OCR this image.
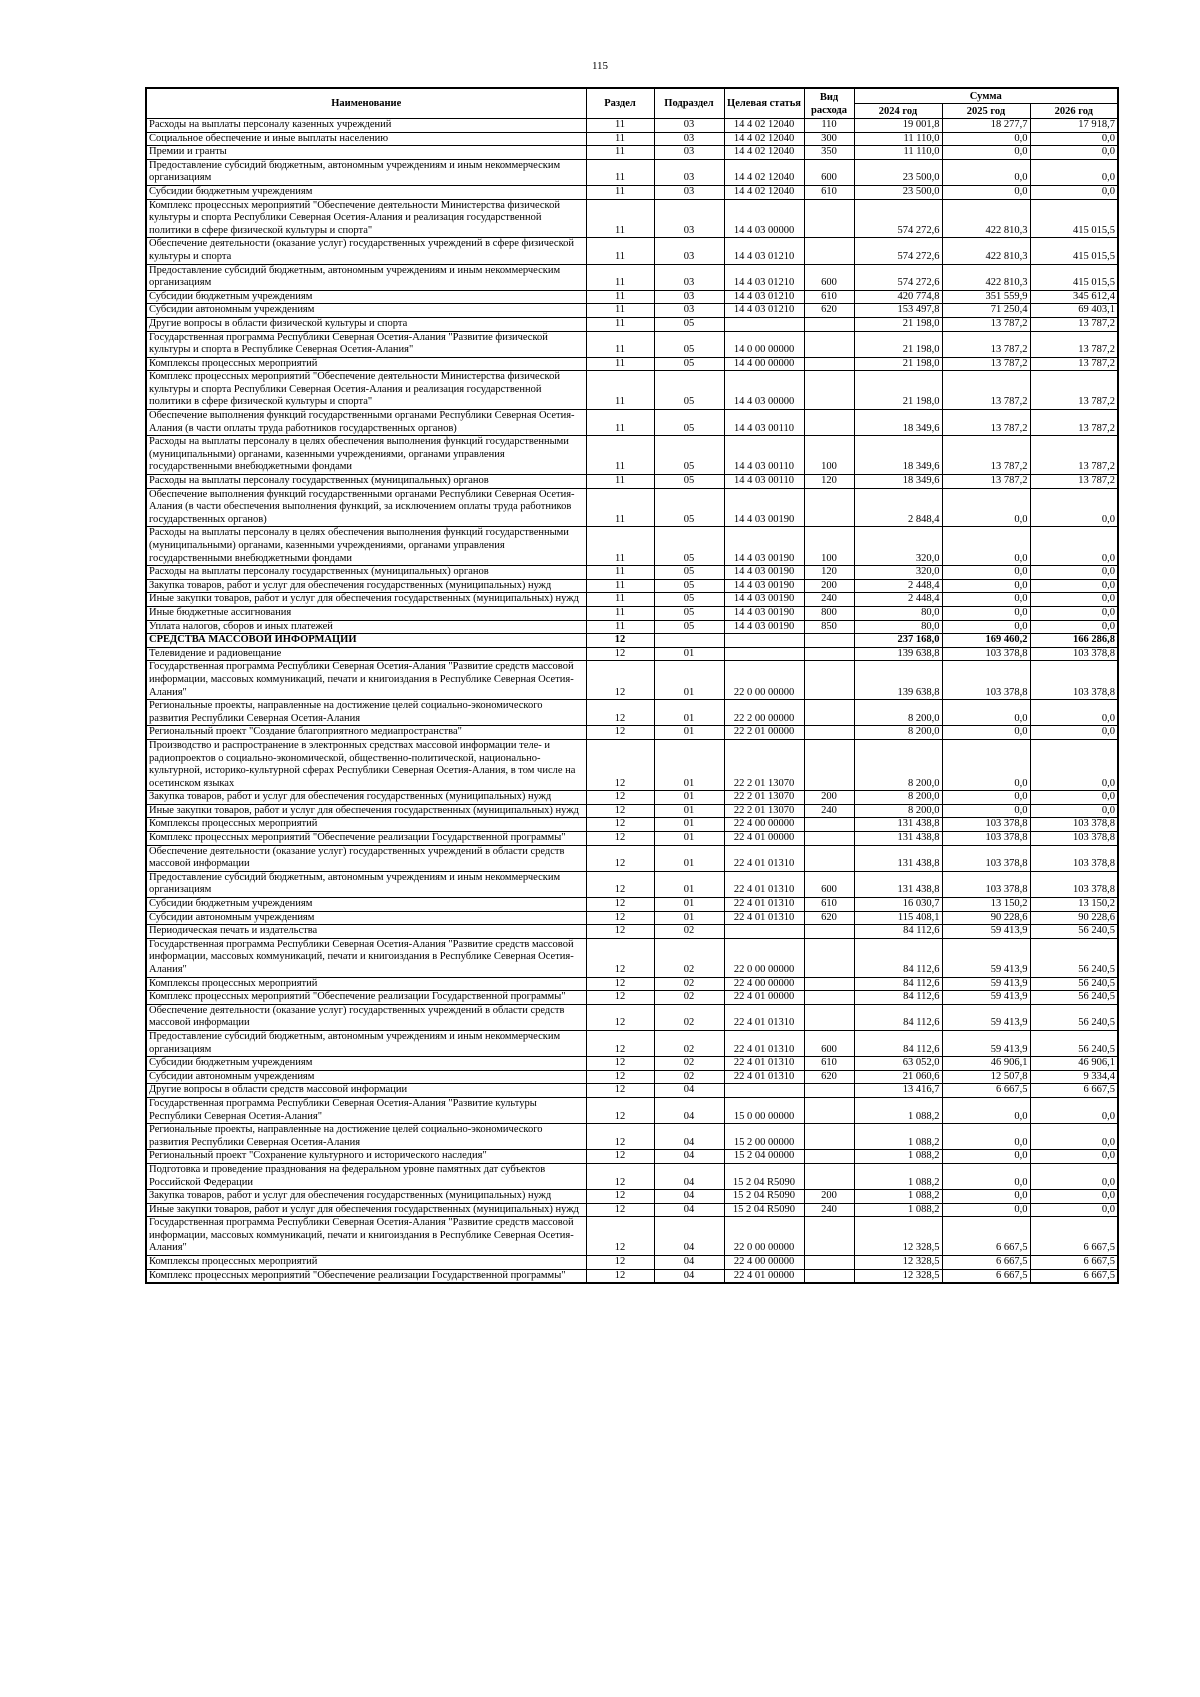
115
Наименование	Раздел	Подраздел	Целевая статья	Вид расхода	Сумма		
					2024 год	2025 год	2026 год
Расходы на выплаты персоналу казенных учреждений	11	03	14 4 02 12040	110	19 001,8	18 277,7	17 918,7
Социальное обеспечение и иные выплаты населению	11	03	14 4 02 12040	300	11 110,0	0,0	0,0
Премии и гранты	11	03	14 4 02 12040	350	11 110,0	0,0	0,0
Предоставление субсидий бюджетным, автономным учреждениям и иным некоммерческим организациям	11	03	14 4 02 12040	600	23 500,0	0,0	0,0
Субсидии бюджетным учреждениям	11	03	14 4 02 12040	610	23 500,0	0,0	0,0
Комплекс процессных мероприятий "Обеспечение деятельности Министерства физической культуры и спорта Республики Северная Осетия-Алания и реализация государственной политики в сфере физической культуры и спорта"	11	03	14 4 03 00000		574 272,6	422 810,3	415 015,5
Обеспечение деятельности (оказание услуг) государственных учреждений в сфере физической культуры и спорта	11	03	14 4 03 01210		574 272,6	422 810,3	415 015,5
Предоставление субсидий бюджетным, автономным учреждениям и иным некоммерческим организациям	11	03	14 4 03 01210	600	574 272,6	422 810,3	415 015,5
Субсидии бюджетным учреждениям	11	03	14 4 03 01210	610	420 774,8	351 559,9	345 612,4
Субсидии автономным учреждениям	11	03	14 4 03 01210	620	153 497,8	71 250,4	69 403,1
Другие вопросы в области физической культуры и спорта	11	05			21 198,0	13 787,2	13 787,2
Государственная программа Республики Северная Осетия-Алания "Развитие физической культуры и спорта в Республике Северная Осетия-Алания"	11	05	14 0 00 00000		21 198,0	13 787,2	13 787,2
Комплексы процессных мероприятий	11	05	14 4 00 00000		21 198,0	13 787,2	13 787,2
Комплекс процессных мероприятий "Обеспечение деятельности Министерства физической культуры и спорта Республики Северная Осетия-Алания и реализация государственной политики в сфере физической культуры и спорта"	11	05	14 4 03 00000		21 198,0	13 787,2	13 787,2
Обеспечение выполнения функций государственными органами Республики Северная Осетия-Алания (в части оплаты труда работников государственных органов)	11	05	14 4 03 00110		18 349,6	13 787,2	13 787,2
Расходы на выплаты персоналу в целях обеспечения выполнения функций государственными (муниципальными) органами, казенными учреждениями, органами управления государственными внебюджетными фондами	11	05	14 4 03 00110	100	18 349,6	13 787,2	13 787,2
Расходы на выплаты персоналу государственных (муниципальных) органов	11	05	14 4 03 00110	120	18 349,6	13 787,2	13 787,2
Обеспечение выполнения функций государственными органами Республики Северная Осетия-Алания (в части обеспечения выполнения функций, за исключением оплаты труда работников государственных органов)	11	05	14 4 03 00190		2 848,4	0,0	0,0
Расходы на выплаты персоналу в целях обеспечения выполнения функций государственными (муниципальными) органами, казенными учреждениями, органами управления государственными внебюджетными фондами	11	05	14 4 03 00190	100	320,0	0,0	0,0
Расходы на выплаты персоналу государственных (муниципальных) органов	11	05	14 4 03 00190	120	320,0	0,0	0,0
Закупка товаров, работ и услуг для обеспечения государственных (муниципальных) нужд	11	05	14 4 03 00190	200	2 448,4	0,0	0,0
Иные закупки товаров, работ и услуг для обеспечения государственных (муниципальных) нужд	11	05	14 4 03 00190	240	2 448,4	0,0	0,0
Иные бюджетные ассигнования	11	05	14 4 03 00190	800	80,0	0,0	0,0
Уплата налогов, сборов и иных платежей	11	05	14 4 03 00190	850	80,0	0,0	0,0
СРЕДСТВА МАССОВОЙ ИНФОРМАЦИИ	12				237 168,0	169 460,2	166 286,8
Телевидение и радиовещание	12	01			139 638,8	103 378,8	103 378,8
Государственная программа Республики Северная Осетия-Алания "Развитие средств массовой информации, массовых коммуникаций, печати и книгоиздания в Республике Северная Осетия-Алания"	12	01	22 0 00 00000		139 638,8	103 378,8	103 378,8
Региональные проекты, направленные на достижение целей социально-экономического развития Республики Северная Осетия-Алания	12	01	22 2 00 00000		8 200,0	0,0	0,0
Региональный проект "Создание благоприятного медиапространства"	12	01	22 2 01 00000		8 200,0	0,0	0,0
Производство и распространение в электронных средствах массовой информации теле- и радиопроектов о социально-экономической, общественно-политической, национально-культурной, историко-культурной сферах Республики Северная Осетия-Алания, в том числе на осетинском языках	12	01	22 2 01 13070		8 200,0	0,0	0,0
Закупка товаров, работ и услуг для обеспечения государственных (муниципальных) нужд	12	01	22 2 01 13070	200	8 200,0	0,0	0,0
Иные закупки товаров, работ и услуг для обеспечения государственных (муниципальных) нужд	12	01	22 2 01 13070	240	8 200,0	0,0	0,0
Комплексы процессных мероприятий	12	01	22 4 00 00000		131 438,8	103 378,8	103 378,8
Комплекс процессных мероприятий "Обеспечение реализации Государственной программы"	12	01	22 4 01 00000		131 438,8	103 378,8	103 378,8
Обеспечение деятельности (оказание услуг) государственных учреждений в области средств массовой информации	12	01	22 4 01 01310		131 438,8	103 378,8	103 378,8
Предоставление субсидий бюджетным, автономным учреждениям и иным некоммерческим организациям	12	01	22 4 01 01310	600	131 438,8	103 378,8	103 378,8
Субсидии бюджетным учреждениям	12	01	22 4 01 01310	610	16 030,7	13 150,2	13 150,2
Субсидии автономным учреждениям	12	01	22 4 01 01310	620	115 408,1	90 228,6	90 228,6
Периодическая печать и издательства	12	02			84 112,6	59 413,9	56 240,5
Государственная программа Республики Северная Осетия-Алания "Развитие средств массовой информации, массовых коммуникаций, печати и книгоиздания в Республике Северная Осетия-Алания"	12	02	22 0 00 00000		84 112,6	59 413,9	56 240,5
Комплексы процессных мероприятий	12	02	22 4 00 00000		84 112,6	59 413,9	56 240,5
Комплекс процессных мероприятий "Обеспечение реализации Государственной программы"	12	02	22 4 01 00000		84 112,6	59 413,9	56 240,5
Обеспечение деятельности (оказание услуг) государственных учреждений в области средств массовой информации	12	02	22 4 01 01310		84 112,6	59 413,9	56 240,5
Предоставление субсидий бюджетным, автономным учреждениям и иным некоммерческим организациям	12	02	22 4 01 01310	600	84 112,6	59 413,9	56 240,5
Субсидии бюджетным учреждениям	12	02	22 4 01 01310	610	63 052,0	46 906,1	46 906,1
Субсидии автономным учреждениям	12	02	22 4 01 01310	620	21 060,6	12 507,8	9 334,4
Другие вопросы в области средств массовой информации	12	04			13 416,7	6 667,5	6 667,5
Государственная программа Республики Северная Осетия-Алания "Развитие культуры Республики Северная Осетия-Алания"	12	04	15 0 00 00000		1 088,2	0,0	0,0
Региональные проекты, направленные на достижение целей социально-экономического развития Республики Северная Осетия-Алания	12	04	15 2 00 00000		1 088,2	0,0	0,0
Региональный проект "Сохранение культурного и исторического наследия"	12	04	15 2 04 00000		1 088,2	0,0	0,0
Подготовка и проведение празднования на федеральном уровне памятных дат субъектов Российской Федерации	12	04	15 2 04 R5090		1 088,2	0,0	0,0
Закупка товаров, работ и услуг для обеспечения государственных (муниципальных) нужд	12	04	15 2 04 R5090	200	1 088,2	0,0	0,0
Иные закупки товаров, работ и услуг для обеспечения государственных (муниципальных) нужд	12	04	15 2 04 R5090	240	1 088,2	0,0	0,0
Государственная программа Республики Северная Осетия-Алания "Развитие средств массовой информации, массовых коммуникаций, печати и книгоиздания в Республике Северная Осетия-Алания"	12	04	22 0 00 00000		12 328,5	6 667,5	6 667,5
Комплексы процессных мероприятий	12	04	22 4 00 00000		12 328,5	6 667,5	6 667,5
Комплекс процессных мероприятий "Обеспечение реализации Государственной программы"	12	04	22 4 01 00000		12 328,5	6 667,5	6 667,5
